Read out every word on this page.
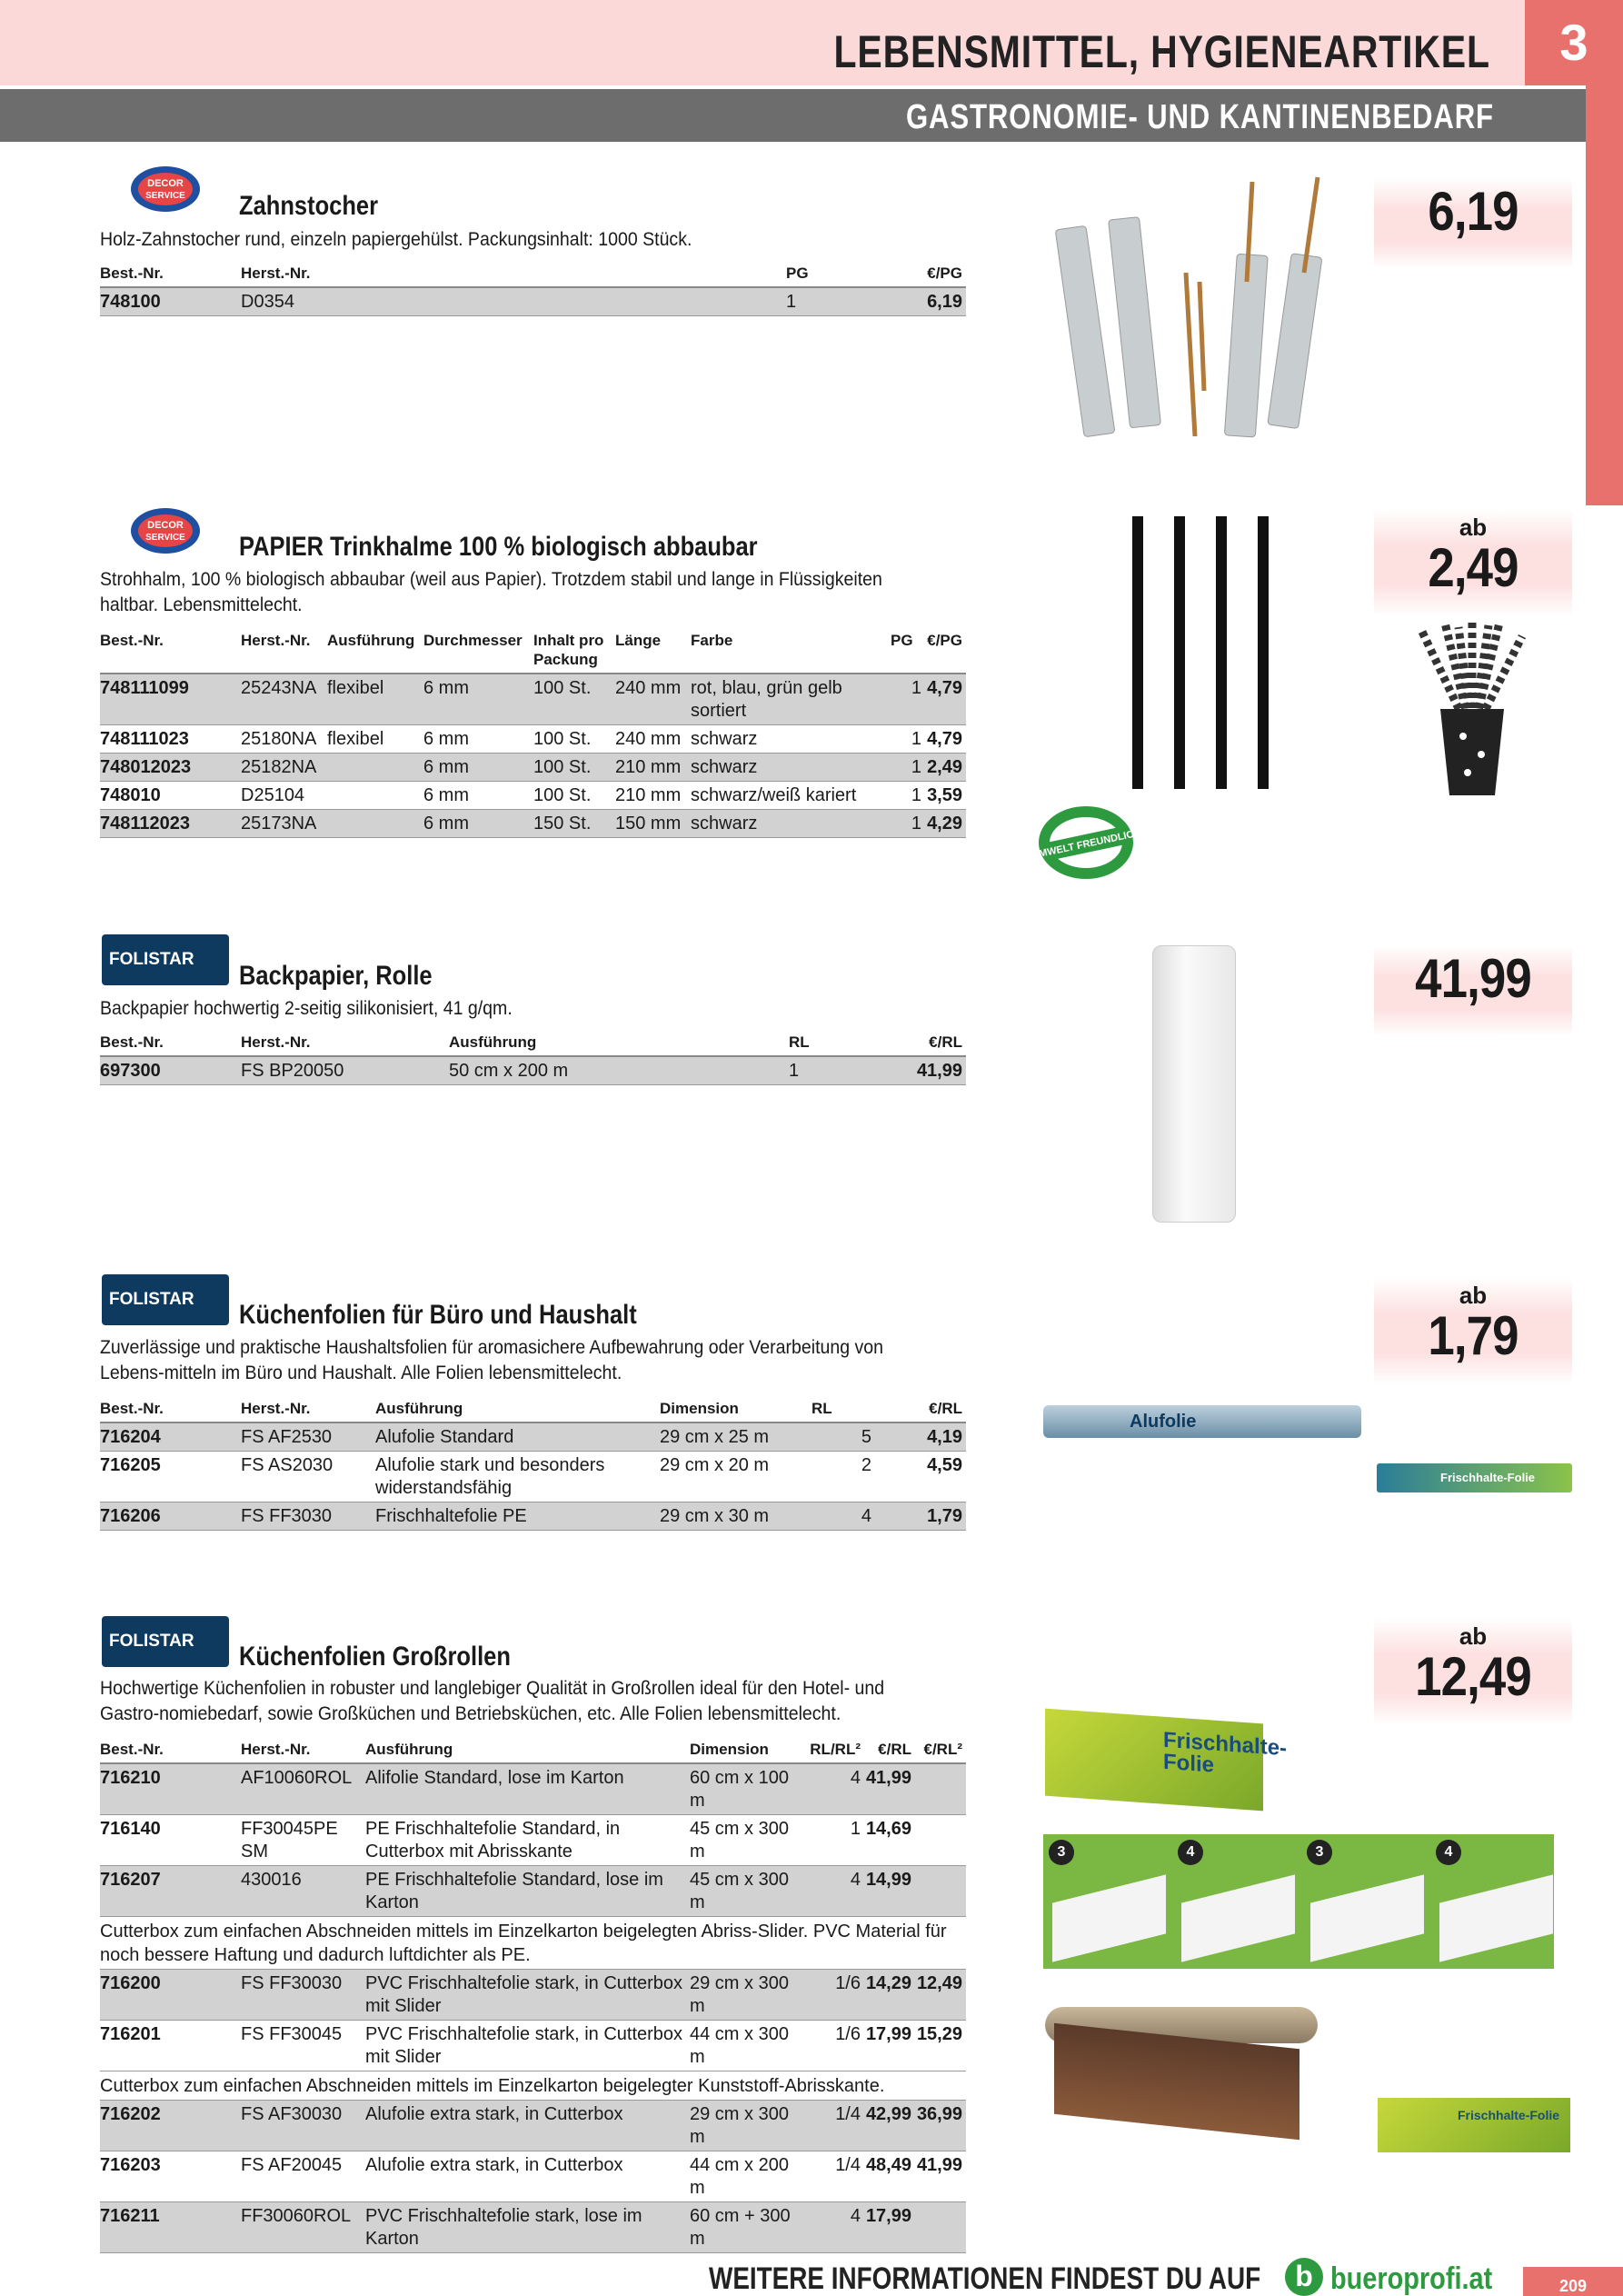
LEBENSMITTEL, HYGIENEARTIKEL	3
GASTRONOMIE- UND KANTINENBEDARF
DECOR
SERVICE Zahnstocher
Holz-Zahnstocher rund, einzeln papiergehülst. Packungsinhalt: 1000 Stück.
Best.-Nr.	Herst.-Nr.	PG	€/PG
748100	D0354	1	6,19
6,19
DECOR
SERVICE PAPIER Trinkhalme 100 % biologisch abbaubar
Strohhalm, 100 % biologisch abbaubar (weil aus Papier). Trotzdem stabil und lange in Flüssigkeiten haltbar. Lebensmittelecht.
Best.-Nr.	Herst.-Nr.	Ausführung	Durchmesser	Inhalt pro Packung	Länge	Farbe	PG	€/PG
748111099	25243NA	flexibel	6 mm	100 St.	240 mm	rot, blau, grün gelb sortiert	1	4,79
748111023	25180NA	flexibel	6 mm	100 St.	240 mm	schwarz	1	4,79
748012023	25182NA		6 mm	100 St.	210 mm	schwarz	1	2,49
748010	D25104		6 mm	100 St.	210 mm	schwarz/weiß kariert	1	3,59
748112023	25173NA		6 mm	150 St.	150 mm	schwarz	1	4,29
UMWELT FREUNDLICH
ab
2,49
FOLISTAR
Backpapier, Rolle
Backpapier hochwertig 2-seitig silikonisiert, 41 g/qm.
Best.-Nr.	Herst.-Nr.	Ausführung	RL	€/RL
697300	FS BP20050	50 cm x 200 m	1	41,99
41,99
FOLISTAR
Küchenfolien für Büro und Haushalt
Zuverlässige und praktische Haushaltsfolien für aromasichere Aufbewahrung oder Verarbeitung von Lebens-mitteln im Büro und Haushalt. Alle Folien lebensmittelecht.
Best.-Nr.	Herst.-Nr.	Ausführung	Dimension	RL	€/RL
716204	FS AF2530	Alufolie Standard	29 cm x 25 m	5	4,19
716205	FS AS2030	Alufolie stark und besonders widerstandsfähig	29 cm x 20 m	2	4,59
716206	FS FF3030	Frischhaltefolie PE	29 cm x 30 m	4	1,79
Alufolie
Frischhalte-Folie
ab
1,79
FOLISTAR
Küchenfolien Großrollen
Hochwertige Küchenfolien in robuster und langlebiger Qualität in Großrollen ideal für den Hotel- und Gastro-nomiebedarf, sowie Großküchen und Betriebsküchen, etc. Alle Folien lebensmittelecht.
Best.-Nr.	Herst.-Nr.	Ausführung	Dimension	RL/RL²	€/RL	€/RL²
716210	AF10060ROL	Alifolie Standard, lose im Karton	60 cm x 100 m	4	41,99	
716140	FF30045PE SM	PE Frischhaltefolie Standard, in Cutterbox mit Abrisskante	45 cm x 300 m	1	14,69	
716207	430016	PE Frischhaltefolie Standard, lose im Karton	45 cm x 300 m	4	14,99	
Cutterbox zum einfachen Abschneiden mittels im Einzelkarton beigelegten Abriss-Slider. PVC Material für noch bessere Haftung und dadurch luftdichter als PE.						
716200	FS FF30030	PVC Frischhaltefolie stark, in Cutterbox mit Slider	29 cm x 300 m	1/6	14,29	12,49
716201	FS FF30045	PVC Frischhaltefolie stark, in Cutterbox mit Slider	44 cm x 300 m	1/6	17,99	15,29
Cutterbox zum einfachen Abschneiden mittels im Einzelkarton beigelegter Kunststoff-Abrisskante.						
716202	FS AF30030	Alufolie extra stark, in Cutterbox	29 cm x 300 m	1/4	42,99	36,99
716203	FS AF20045	Alufolie extra stark, in Cutterbox	44 cm x 200 m	1/4	48,49	41,99
716211	FF30060ROL	PVC Frischhaltefolie stark, lose im Karton	60 cm + 300 m	4	17,99	
Frischhalte-Folie
3	4	3	4
Frischhalte-Folie
ab
12,49
WEITERE INFORMATIONEN FINDEST DU AUF	b bueroprofi.at	209
